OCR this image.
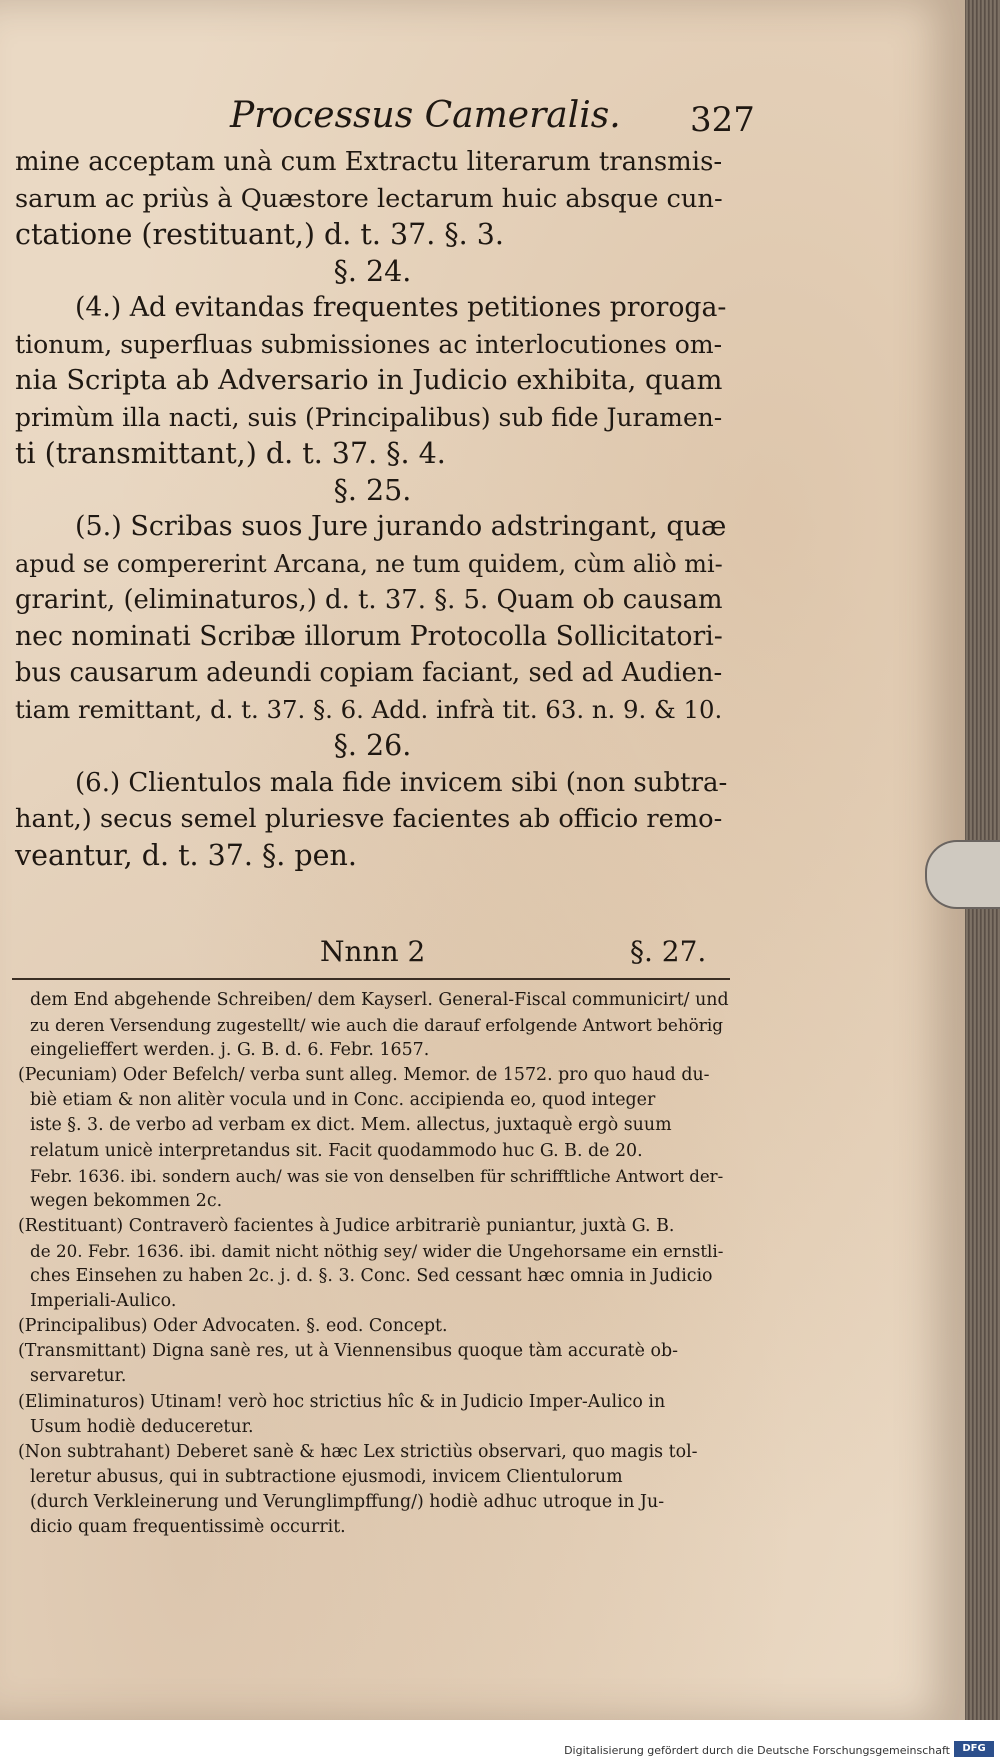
Processus Cameralis.	327
mine acceptam unà cum Extractu literarum transmis-
sarum ac priùs à Quæstore lectarum huic absque cun-
ctatione (restituant,) d. t. 37. §. 3.
§. 24.
(4.) Ad evitandas frequentes petitiones proroga-
tionum, superfluas submissiones ac interlocutiones om-
nia Scripta ab Adversario in Judicio exhibita, quam
primùm illa nacti, suis (Principalibus) sub fide Juramen-
ti (transmittant,) d. t. 37. §. 4.
§. 25.
(5.) Scribas suos Jure jurando adstringant, quæ
apud se compererint Arcana, ne tum quidem, cùm aliò mi-
grarint, (eliminaturos,) d. t. 37. §. 5. Quam ob causam
nec nominati Scribæ illorum Protocolla Sollicitatori-
bus causarum adeundi copiam faciant, sed ad Audien-
tiam remittant, d. t. 37. §. 6. Add. infrà tit. 63. n. 9. & 10.
§. 26.
(6.) Clientulos mala fide invicem sibi (non subtra-
hant,) secus semel pluriesve facientes ab officio remo-
veantur, d. t. 37. §. pen.
Nnnn 2	§. 27.
dem End abgehende Schreiben/ dem Kayserl. General-Fiscal communicirt/ und
zu deren Versendung zugestellt/ wie auch die darauf erfolgende Antwort behörig
eingelieffert werden. j. G. B. d. 6. Febr. 1657.
(Pecuniam) Oder Befelch/ verba sunt alleg. Memor. de 1572. pro quo haud du-
biè etiam & non alitèr vocula und in Conc. accipienda eo, quod integer
iste §. 3. de verbo ad verbam ex dict. Mem. allectus, juxtaquè ergò suum
relatum unicè interpretandus sit. Facit quodammodo huc G. B. de 20.
Febr. 1636. ibi. sondern auch/ was sie von denselben für schrifftliche Antwort der-
wegen bekommen 2c.
(Restituant) Contraverò facientes à Judice arbitrariè puniantur, juxtà G. B.
de 20. Febr. 1636. ibi. damit nicht nöthig sey/ wider die Ungehorsame ein ernstli-
ches Einsehen zu haben 2c. j. d. §. 3. Conc. Sed cessant hæc omnia in Judicio
Imperiali-Aulico.
(Principalibus) Oder Advocaten. §. eod. Concept.
(Transmittant) Digna sanè res, ut à Viennensibus quoque tàm accuratè ob-
servaretur.
(Eliminaturos) Utinam! verò hoc strictius hîc & in Judicio Imper-Aulico in
Usum hodiè deduceretur.
(Non subtrahant) Deberet sanè & hæc Lex strictiùs observari, quo magis tol-
leretur abusus, qui in subtractione ejusmodi, invicem Clientulorum
(durch Verkleinerung und Verunglimpffung/) hodiè adhuc utroque in Ju-
dicio quam frequentissimè occurrit.
Digitalisierung gefördert durch die Deutsche Forschungsgemeinschaft	DFG
